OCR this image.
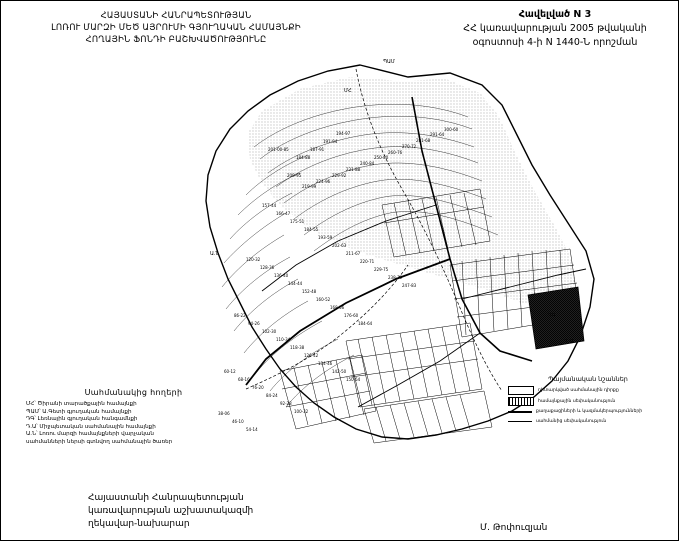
ՀԱՅԱՍՏԱՆԻ ՀԱՆՐԱՊԵՏՈՒԹՅԱՆ
ԼՈՌՈՒ ՄԱՐԶԻ ՄԵԾ ԱՅՐՈՒՄԻ ԳՅՈՒՂԱԿԱՆ ՀԱՄԱՅՆՔԻ
ՀՈՂԱՅԻՆ ՖՈՆԴԻ ԲԱՇԽՎԱԾՈՒԹՅՈՒՆԸ
Հավելված N 3
ՀՀ կառավարության 2005 թվականի
օգոստոսի 4-ի N 1440-Ն որոշման
ՄՀ
ՊԱՄ
184-88
187-91
191-94
194-97
201-00-85
209-95
219-99
224-96
229-92
231-88
240-84
250-80
260-76
270-72
281-68
291-64
300-60
157-44
166-47
175-51
184-55
193-59
202-63
211-67
220-71
229-75
238-79
247-83
120-32
128-36
136-40
144-44
152-48
160-52
168-56
176-60
184-64
86-22
94-26
102-30
110-34
118-38
126-42
134-46
142-50
150-54
60-12
68-16
76-20
84-24
92-28
100-32
38-06
46-10
54-14
ԴԳ
Դ.Ա
Ա.Ն
Սահմանակից հողերի
ՄՀ՝ Ծիրանի տարածքային համայնքի
ՊԱՄ՝ Ա.Գետի գյուղական համայնքի
ԴԳ՝ Լեռնային գյուղական հանգամնքի
Դ.Ա՝ Միջպետական սահմանային համայնքի
Ա.Ն՝ Լոռու մարզի համայնքների վարչական
սահմանների ներսի գտնվող սահմանային ծառեր
Պայմանական նշաններ
դիտարկված սահմանային դիրքը
համայնքային սեփականություն
քաղաքացիների և կազմակերպությունների
սահմանից սեփականություն
Հայաստանի Հանրապետության
կառավարության աշխատակազմի
ղեկավար-նախարար	Մ. Թոփուզյան
